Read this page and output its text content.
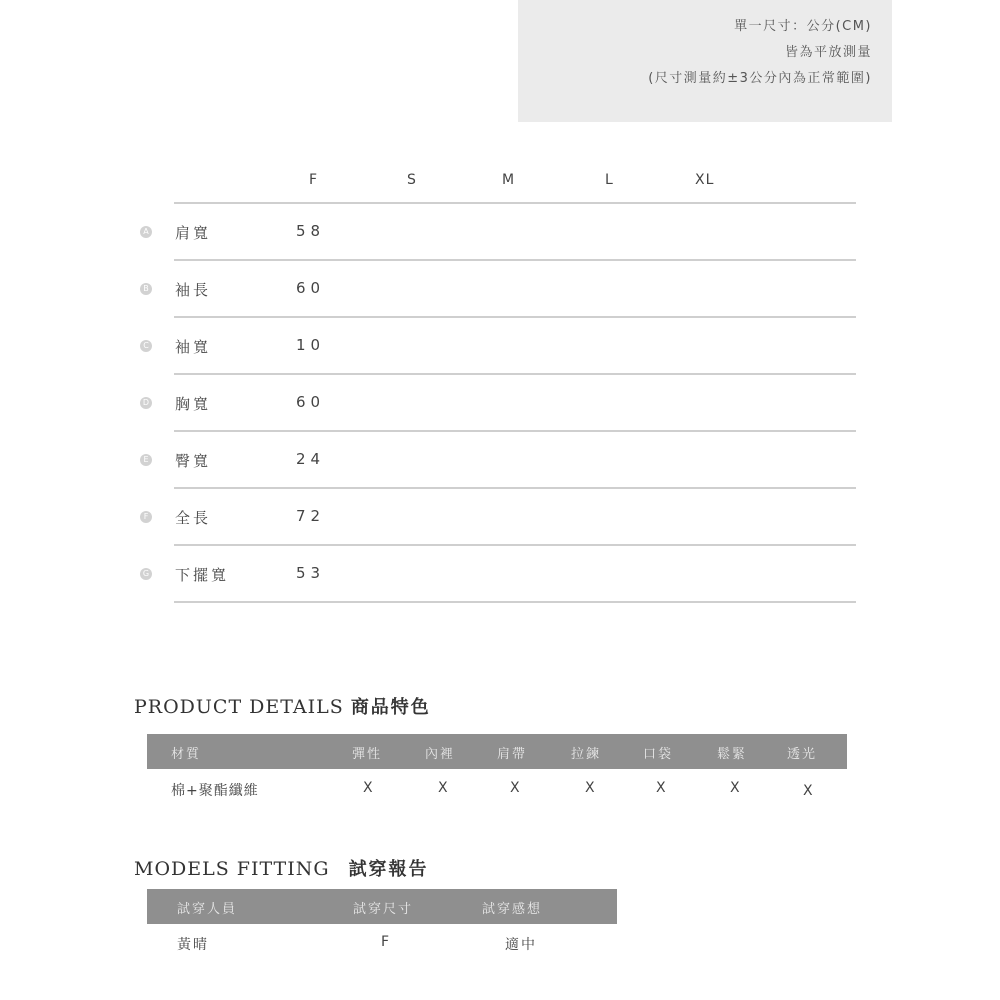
單一尺寸：公分(CM)
皆為平放測量
(尺寸測量約±3公分內為正常範圍)
F	S	M	L	XL
A 肩寬	58
B 袖長	60
C 袖寬	10
D 胸寬	60
E 臀寬	24
F 全長	72
G 下擺寬	53
PRODUCT DETAILS 商品特色
材質	彈性	內裡	肩帶	拉鍊	口袋	鬆緊	透光
棉+聚酯纖維	X	X	X	X	X	X	X
MODELS FITTING 試穿報告
試穿人員	試穿尺寸	試穿感想
黃晴	F	適中
